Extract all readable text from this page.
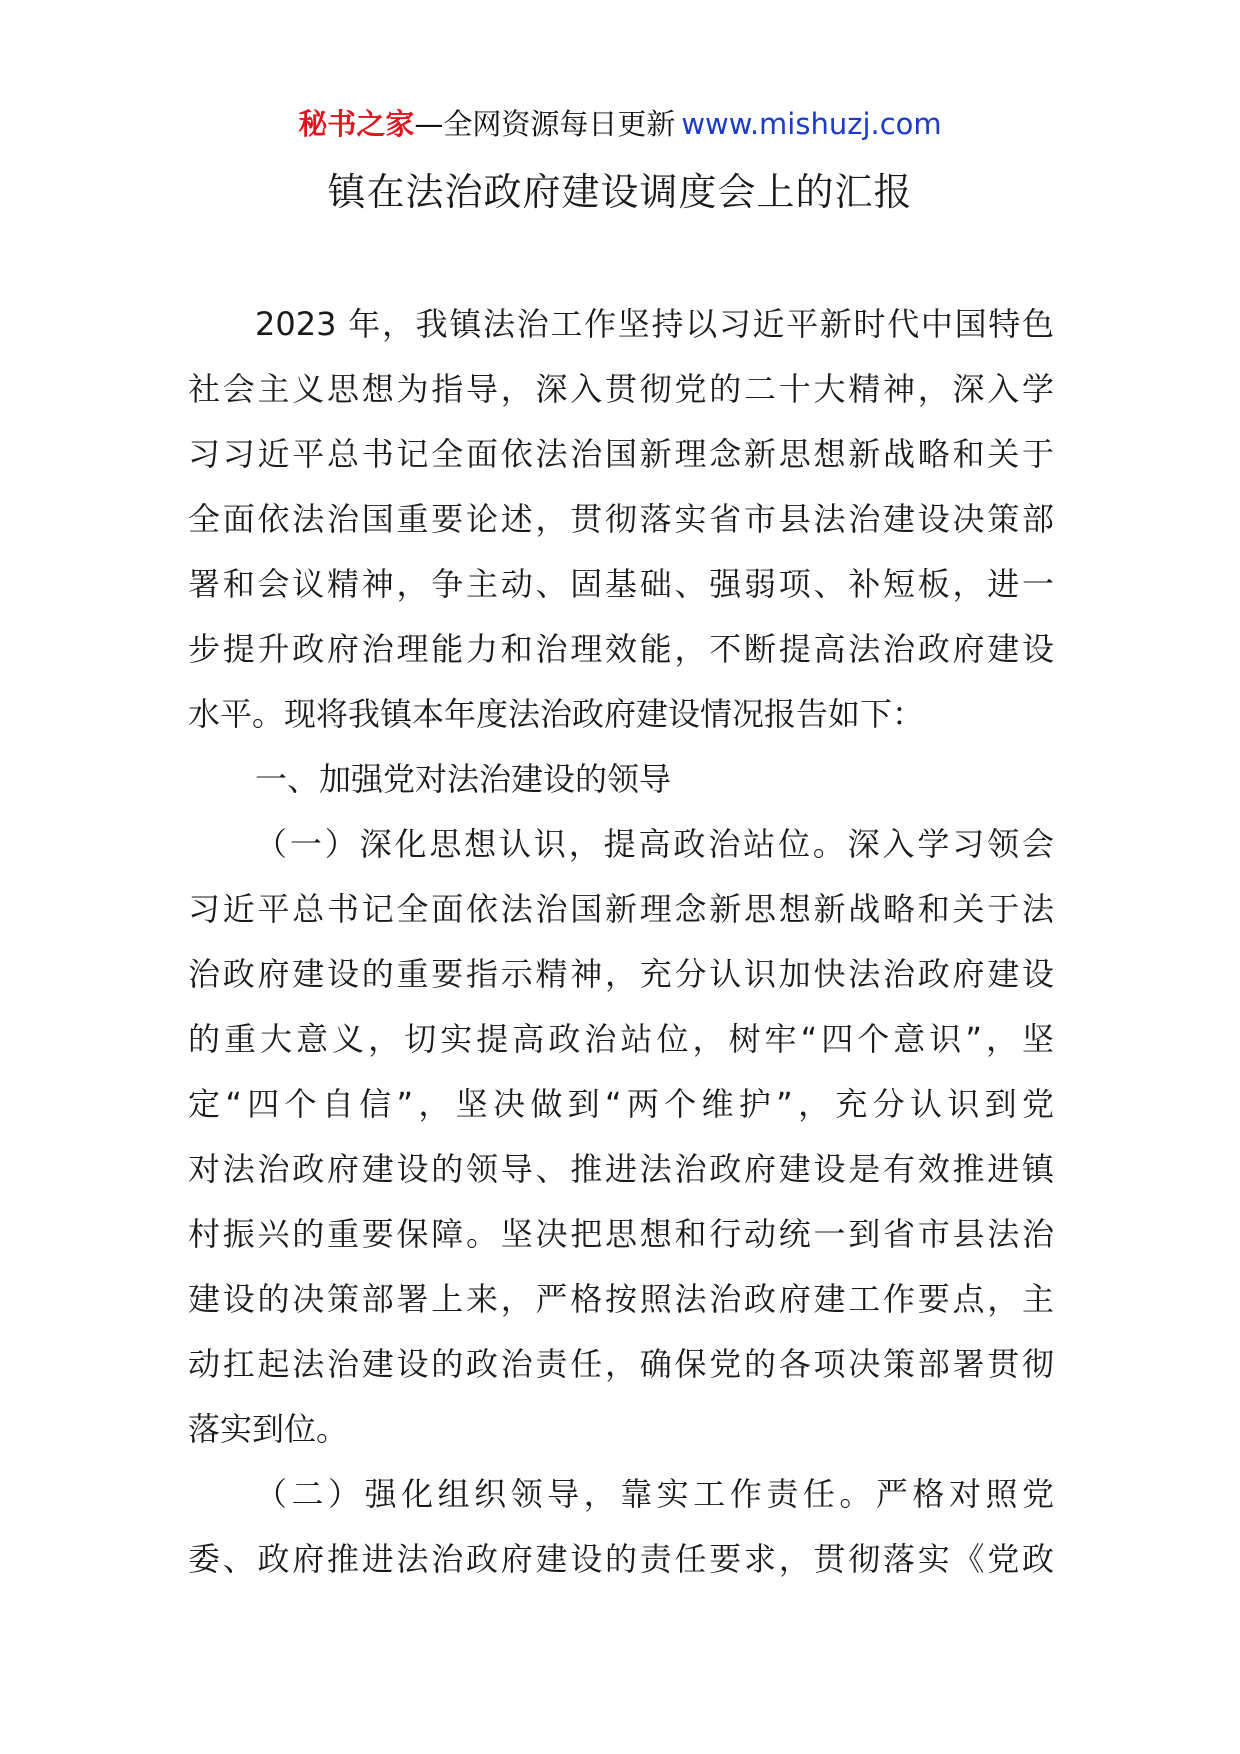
秘书之家—全网资源每日更新 www.mishuzj.com
镇在法治政府建设调度会上的汇报
2023 年，我镇法治工作坚持以习近平新时代中国特色
社会主义思想为指导，深入贯彻党的二十大精神，深入学
习习近平总书记全面依法治国新理念新思想新战略和关于
全面依法治国重要论述，贯彻落实省市县法治建设决策部
署和会议精神，争主动、固基础、强弱项、补短板，进一
步提升政府治理能力和治理效能，不断提高法治政府建设
水平。现将我镇本年度法治政府建设情况报告如下：
一、加强党对法治建设的领导
（一）深化思想认识，提高政治站位。深入学习领会
习近平总书记全面依法治国新理念新思想新战略和关于法
治政府建设的重要指示精神，充分认识加快法治政府建设
的重大意义，切实提高政治站位，树牢“四个意识”，坚
定“四个自信”，坚决做到“两个维护”，充分认识到党
对法治政府建设的领导、推进法治政府建设是有效推进镇
村振兴的重要保障。坚决把思想和行动统一到省市县法治
建设的决策部署上来，严格按照法治政府建工作要点，主
动扛起法治建设的政治责任，确保党的各项决策部署贯彻
落实到位。
（二）强化组织领导，靠实工作责任。严格对照党
委、政府推进法治政府建设的责任要求，贯彻落实《党政
